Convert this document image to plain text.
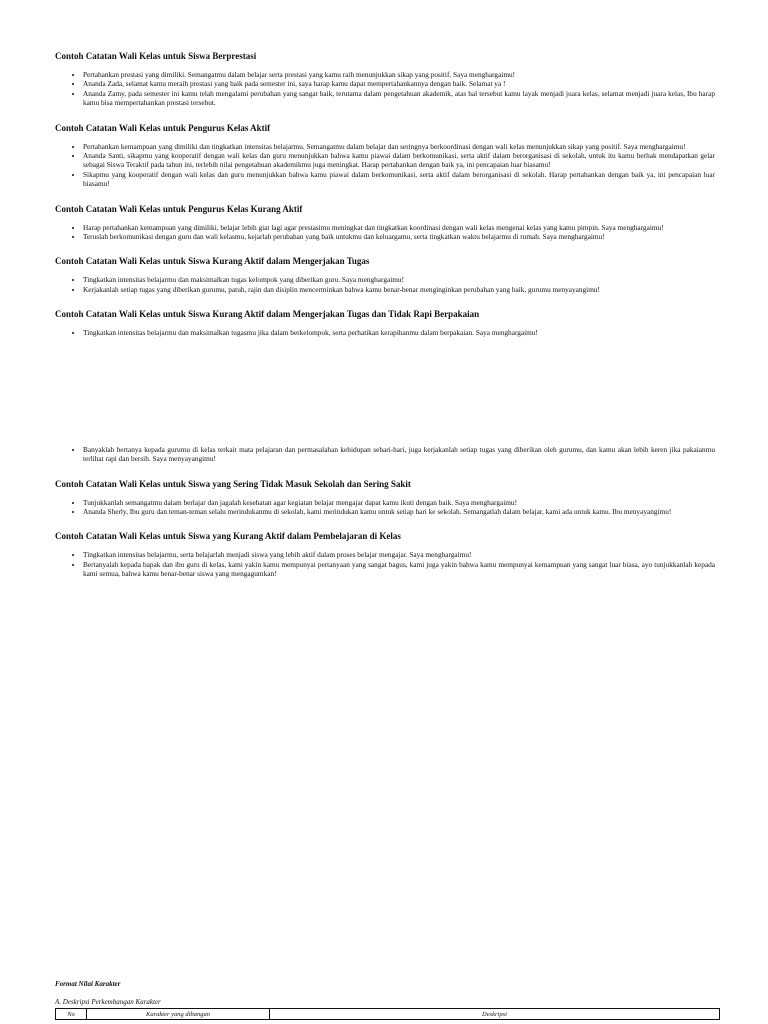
Contoh Catatan Wali Kelas untuk Siswa Berprestasi
• Pertahankan prestasi yang dimiliki. Semangatmu dalam belajar serta prestasi yang kamu raih menunjukkan sikap yang positif. Saya menghargaimu!
• Ananda Zada, selamat kamu meraih prestasi yang baik pada semester ini, saya harap kamu dapat mempertahankannya dengan baik. Selamat ya !
• Ananda Zamy, pada semester ini kamu telah mengalami perubahan yang sangat baik, terutama dalam pengetahuan akademik, atas hal tersebut kamu layak menjadi juara kelas, selamat menjadi juara kelas, Ibu harap kamu bisa mempertahankan prestasi tersebut.
Contoh Catatan Wali Kelas untuk Pengurus Kelas Aktif
• Pertahankan kemampuan yang dimiliki dan tingkatkan intensitas belajarmu. Semangatmu dalam belajar dan seringnya berkoordinasi dengan wali kelas menunjukkan sikap yang positif. Saya menghargaimu!
• Ananda Santi, sikapmu yang kooperatif dengan wali kelas dan guru menunjukkan bahwa kamu piawai dalam berkomunikasi, serta aktif dalam berorganisasi di sekolah, untuk itu kamu berhak mendapatkan gelar sebagai Siswa Teraktif pada tahun ini, terlebih nilai pengetahuan akademikmu juga meningkat. Harap pertahankan dengan baik ya, ini pencapaian luar biasamu!
• Sikapmu yang kooperatif dengan wali kelas dan guru menunjukkan bahwa kamu piawai dalam berkomunikasi, serta aktif dalam berorganisasi di sekolah. Harap pertahankan dengan baik ya, ini pencapaian luar biasamu!
Contoh Catatan Wali Kelas untuk Pengurus Kelas Kurang Aktif
• Harap pertahankan kemampuan yang dimiliki, belajar lebih giat lagi agar prestasimu meningkat dan tingkatkan koordinasi dengan wali kelas mengenai kelas yang kamu pimpin. Saya menghargaimu!
• Teruslah berkomunikasi dengan guru dan wali kelasmu, kejarlah perubahan yang baik untukmu dan keluargamu, serta tingkatkan waktu belajarmu di rumah. Saya menghargaimu!
Contoh Catatan Wali Kelas untuk Siswa Kurang Aktif dalam Mengerjakan Tugas
• Tingkatkan intensitas belajarmu dan maksimalkan tugas kelompok yang diberikan guru. Saya menghargaimu!
• Kerjakanlah setiap tugas yang diberikan gurumu, patuh, rajin dan disiplin mencerminkan bahwa kamu benar-benar menginginkan perubahan yang baik, gurumu menyayangimu!
Contoh Catatan Wali Kelas untuk Siswa Kurang Aktif dalam Mengerjakan Tugas dan Tidak Rapi Berpakaian
• Tingkatkan intensitas belajarmu dan maksimalkan tugasmu jika dalam berkelompok, serta perhatikan kerapihanmu dalam berpakaian. Saya menghargaimu!
• Banyaklah bertanya kepada gurumu di kelas terkait mata pelajaran dan permasalahan kehidupan sehari-hari, juga kerjakanlah setiap tugas yang diberikan oleh gurumu, dan kamu akan lebih keren jika pakaianmu terlihat rapi dan bersih. Saya menyayangimu!
Contoh Catatan Wali Kelas untuk Siswa yang Sering Tidak Masuk Sekolah dan Sering Sakit
• Tunjukkanlah semangatmu dalam berlajar dan jagalah kesehatan agar kegiatan belajar mengajar dapat kamu ikuti dengan baik. Saya menghargaimu!
• Ananda Sherly, Ibu guru dan teman-teman selalu merindukanmu di sekolah, kami merindukan kamu untuk setiap hari ke sekolah. Semangatlah dalam belajar, kami ada untuk kamu. Ibu menyayangimu!
Contoh Catatan Wali Kelas untuk Siswa yang Kurang Aktif dalam Pembelajaran di Kelas
• Tingkatkan intensitas belajarmu, serta belajarlah menjadi siswa yang lebih aktif dalam proses belajar mengajar. Saya menghargaimu!
• Bertanyalah kepada bapak dan ibu guru di kelas, kami yakin kamu mempunyai pertanyaan yang sangat bagus, kami juga yakin bahwa kamu mempunyai kemampuan yang sangat luar biasa, ayo tunjukkanlah kepada kami semua, bahwa kamu benar-benar siswa yang mengagumkan!
Format Nilai Karakter
A. Deskripsi Perkembangan Karakter
No	Karakter yang dibangun	Deskripsi
